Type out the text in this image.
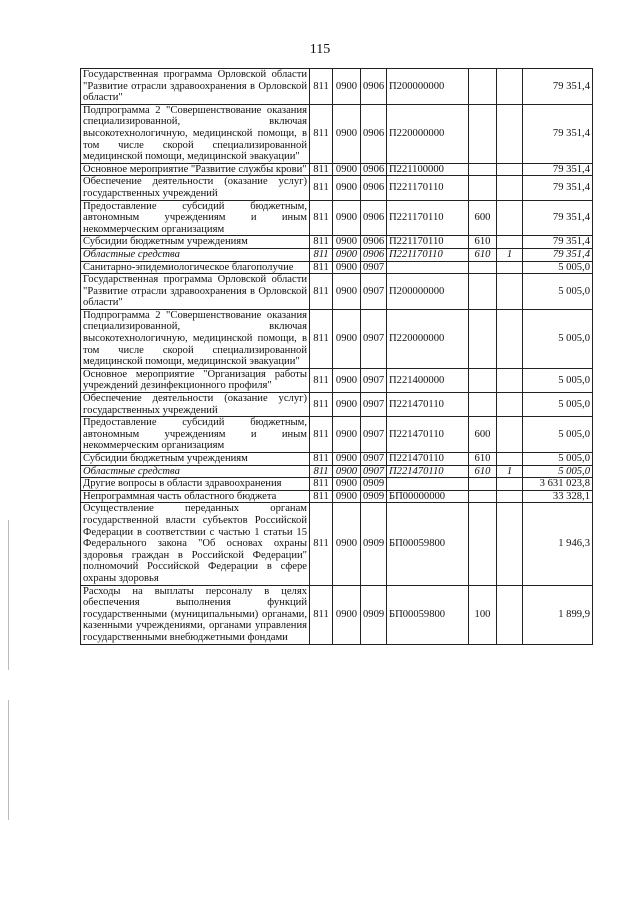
115
Государственная программа Орловской области "Развитие отрасли здравоохранения в Орловской области"	811	0900	0906	П200000000			79 351,4
Подпрограмма 2 "Совершенствование оказания специализированной, включая высокотехнологичную, медицинской помощи, в том числе скорой специализированной медицинской помощи, медицинской эвакуации"	811	0900	0906	П220000000			79 351,4
Основное мероприятие "Развитие службы крови"	811	0900	0906	П221100000			79 351,4
Обеспечение деятельности (оказание услуг) государственных учреждений	811	0900	0906	П221170110			79 351,4
Предоставление субсидий бюджетным, автономным учреждениям и иным некоммерческим организациям	811	0900	0906	П221170110	600		79 351,4
Субсидии бюджетным учреждениям	811	0900	0906	П221170110	610		79 351,4
Областные средства	811	0900	0906	П221170110	610	1	79 351,4
Санитарно-эпидемиологическое благополучие	811	0900	0907				5 005,0
Государственная программа Орловской области "Развитие отрасли здравоохранения в Орловской области"	811	0900	0907	П200000000			5 005,0
Подпрограмма 2 "Совершенствование оказания специализированной, включая высокотехнологичную, медицинской помощи, в том числе скорой специализированной медицинской помощи, медицинской эвакуации"	811	0900	0907	П220000000			5 005,0
Основное мероприятие "Организация работы учреждений дезинфекционного профиля"	811	0900	0907	П221400000			5 005,0
Обеспечение деятельности (оказание услуг) государственных учреждений	811	0900	0907	П221470110			5 005,0
Предоставление субсидий бюджетным, автономным учреждениям и иным некоммерческим организациям	811	0900	0907	П221470110	600		5 005,0
Субсидии бюджетным учреждениям	811	0900	0907	П221470110	610		5 005,0
Областные средства	811	0900	0907	П221470110	610	1	5 005,0
Другие вопросы в области здравоохранения	811	0900	0909				3 631 023,8
Непрограммная часть областного бюджета	811	0900	0909	БП00000000			33 328,1
Осуществление переданных органам государственной власти субъектов Российской Федерации в соответствии с частью 1 статьи 15 Федерального закона "Об основах охраны здоровья граждан в Российской Федерации" полномочий Российской Федерации в сфере охраны здоровья	811	0900	0909	БП00059800			1 946,3
Расходы на выплаты персоналу в целях обеспечения выполнения функций государственными (муниципальными) органами, казенными учреждениями, органами управления государственными внебюджетными фондами	811	0900	0909	БП00059800	100		1 899,9
